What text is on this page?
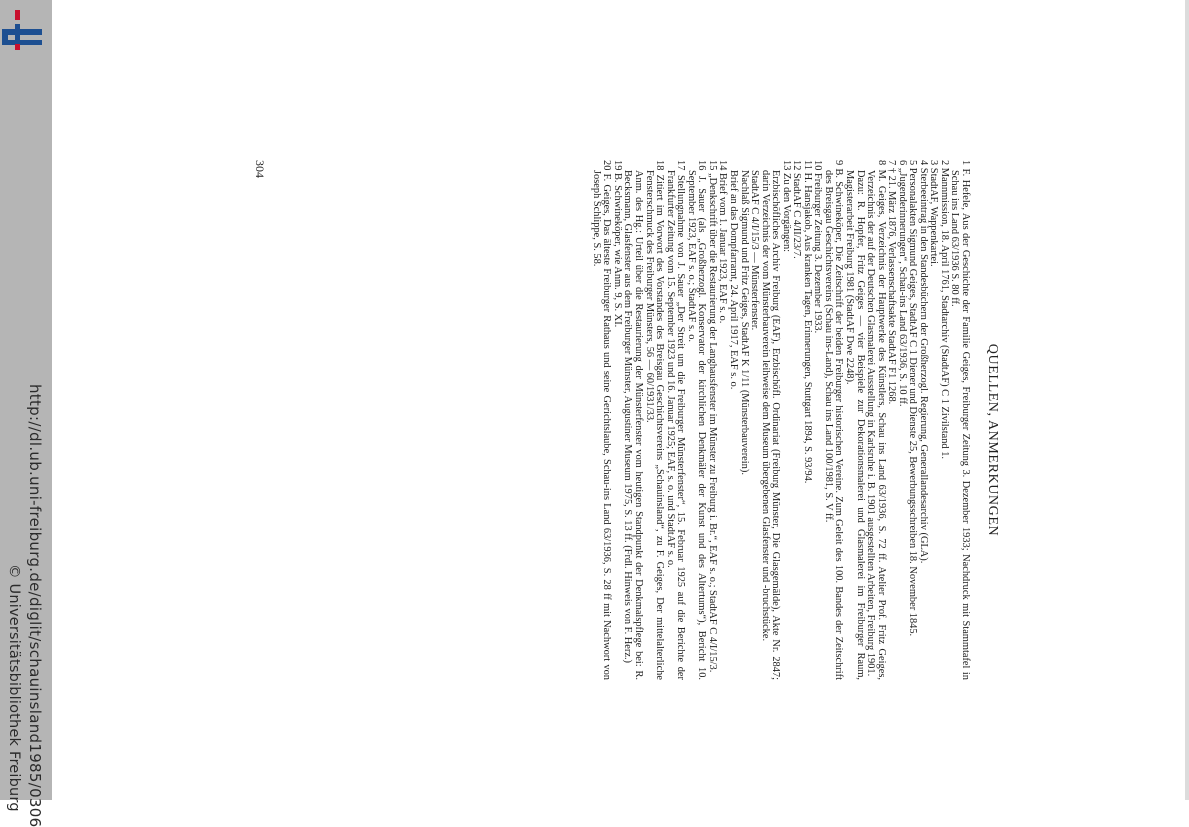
http://dl.ub.uni-freiburg.de/diglit/schauinsland1985/0306
© Universitätsbibliothek Freiburg
QUELLEN, ANMERKUNGEN
1 F. Hefele, Aus der Geschichte der Familie Geiges, Freiburger Zeitung 3. Dezember 1933; Nachdruck mit Stammtafel in Schau ins Land 63/1936 S. 80 ff.
2 Mannmission, 18. April 1761, Stadtarchiv (StadtAF) C 1 Zivilstand 1.
3 StadtAF, Wappenkartei.
4 Sterbeeintrag in den Standesbüchern der Großherzogl. Regierung, Generallandesarchiv (GLA).
5 Personalakten Sigmund Geiges, StadtAF C 1 Diener und Dienste 25, Bewerbungsschreiben 18. November 1845.
6 „Jugenderinnerungen“, Schau-ins Land 63/1936, S. 10 ff.
7 † 21. März 1876, Verlassenschaftsakte StadtAF F1 1268.
8 M. Geiges, Verzeichnis der Hauptwerke des Künstlers, Schau ins Land 63/1936, S. 72 ff. Atelier Prof. Fritz Geiges, Verzeichnis der auf der Deutschen Glasmalerei Ausstellung in Karlsruhe i. B. 1901 ausgestellten Arbeiten, Freiburg 1901.
Dazu: R. Hopfer, Fritz Geiges — vier Beispiele zur Dekorationsmalerei und Glasmalerei im Freiburger Raum, Magisterarbeit Freiburg 1981 (StadtAF Dwe 2248).
9 B. Schwineköper, Die Zeitschrift der beiden Freiburger historischen Vereine. Zum Geleit des 100. Bandes der Zeitschrift des Breisgau Geschichtsvereins (Schau ins-Land), Schau ins Land 100/1981, S. V ff.
10 Freiburger Zeitung 3. Dezember 1933.
11 H. Hansjakob, Aus kranken Tagen, Erinnerungen, Stuttgart 1894, S. 93/94.
12 StadtAF C 4/II/23/7.
13 Zu den Vorgängen:
Erzbischöfliches Archiv Freiburg (EAF), Erzbischöfl. Ordinariat (Freiburg Münster, Die Glasgemälde), Akte Nr. 2847; darin Verzeichnis der vom Münsterbauverein leihweise dem Museum übergebenen Glasfenster und -bruchstücke.
StadtAF C 4/I/15/3 — Münsterfenster.
Nachlaß Sigmund und Fritz Geiges, StadtAF K 1/11 (Münsterbauverein).
Brief an das Dompfarramt, 24. April 1917, EAF s. o.
14 Brief vom 1. Januar 1923, EAF s. o.
15 „Denkschrift über die Restaurierung der Langhausfenster im Münster zu Freiburg i. Br.“, EAF s. o.; StadtAF C 4/I/15/3.
16 J. Sauer (als „Großherzogl. Konservator der kirchlichen Denkmäler der Kunst und des Altertums“), Bericht 10. September 1923, EAF s. o.; StadtAF s. o.
17 Stellungnahme von J. Sauer „Der Streit um die Freiburger Münsterfenster“, 15. Februar 1925 auf die Berichte der Frankfurter Zeitung vom 15. September 1923 und 16. Januar 1925; EAF, s. o. und StadtAF s. o.
18 Zitiert im Vorwort des Vorstandes des Breisgau Geschichtsvereins „Schauinsland“, zu F. Geiges, Der mittelalterliche Fensterschmuck des Freiburger Münsters, 56 — 60/1931/33.
Anm. des Hg.: Urteil über die Restaurierung der Münsterfenster vom heutigen Standpunkt der Denkmalspflege bei: R. Becksmann, Glasfenster aus dem Freiburger Münster, Augustiner Museum 1975, S. 13 ff. (Frdl. Hinweis von F. Herz.)
19 B. Schwineköper, wie Anm. 9, S. XI.
20 F. Geiges, Das älteste Freiburger Rathaus und seine Gerichtslaube, Schau-ins Land 63/1936, S. 28 ff mit Nachwort von Joseph Schlippe, S. 58.
304
